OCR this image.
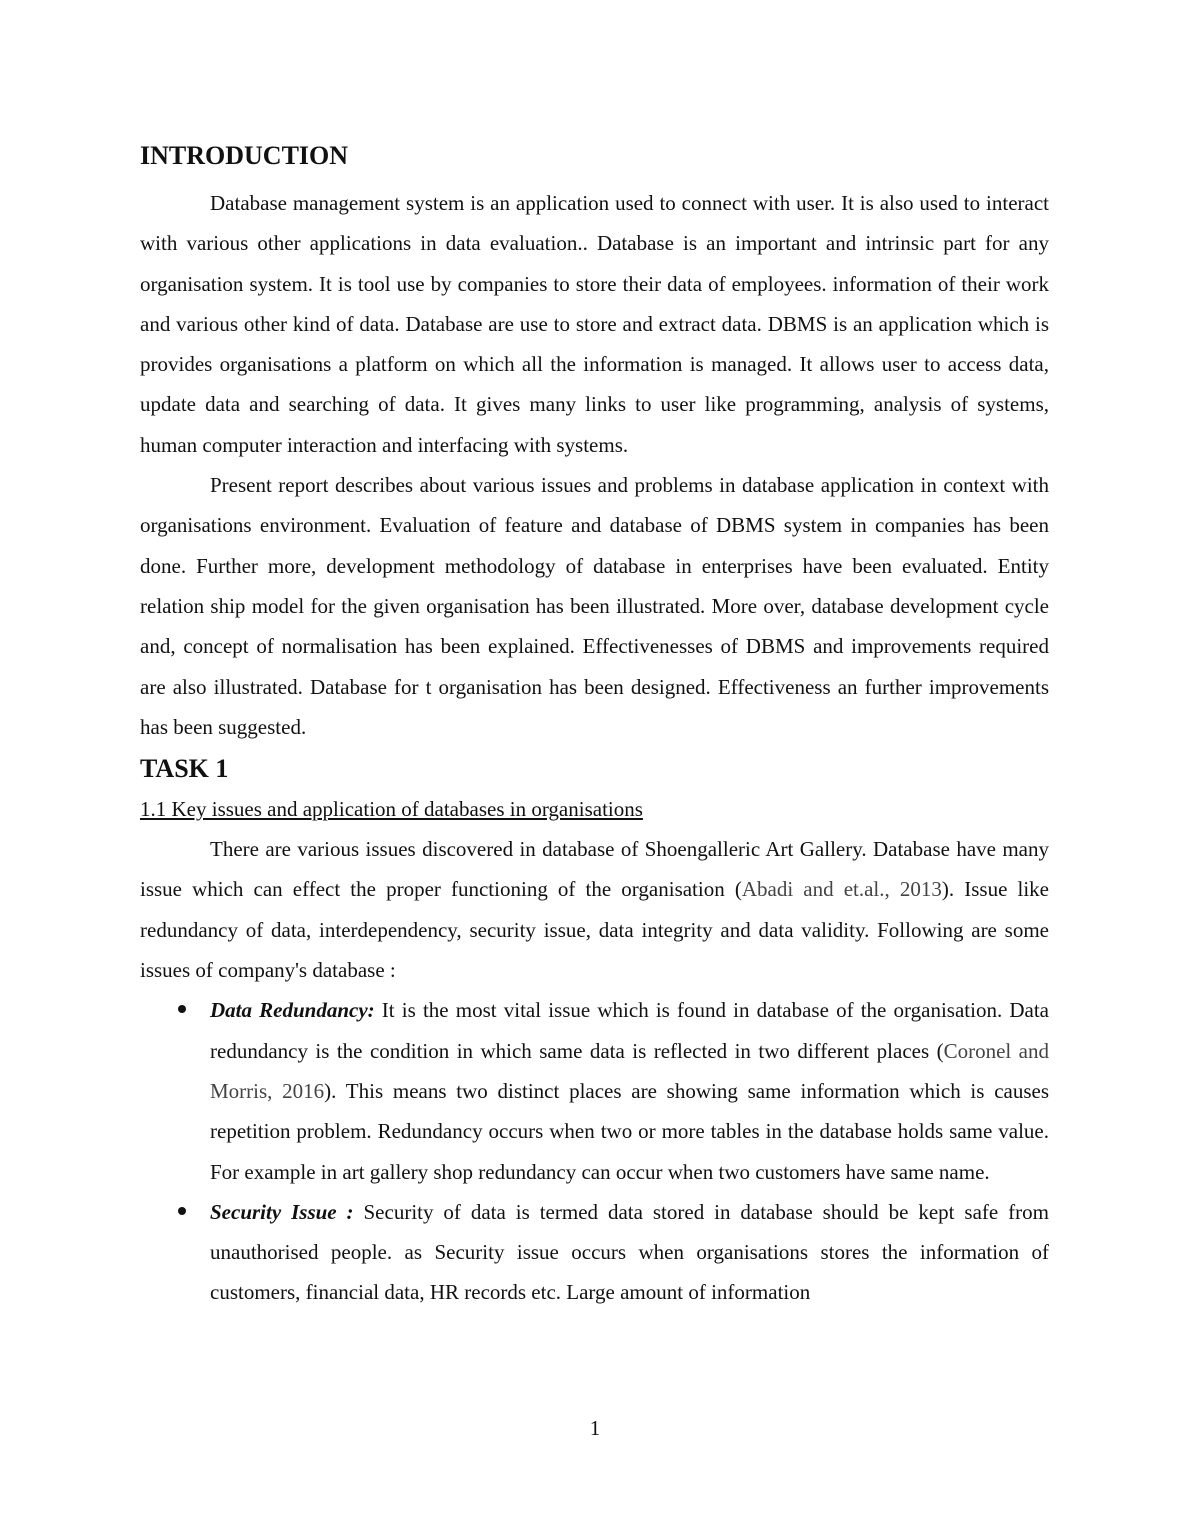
INTRODUCTION

Database management system is an application used to connect with user. It is also used to interact with various other applications in data evaluation.. Database is an important and intrinsic part for any organisation system. It is tool use by companies to store their data of employees. information of their work and various other kind of data. Database are use to store and extract data. DBMS is an application which is provides organisations a platform on which all the information is managed. It allows user to access data, update data and searching of data. It gives many links to user like programming, analysis of systems, human computer interaction and interfacing with systems.

Present report describes about various issues and problems in database application in context with organisations environment. Evaluation of feature and database of DBMS system in companies has been done. Further more, development methodology of database in enterprises have been evaluated. Entity relation ship model for the given organisation has been illustrated. More over, database development cycle and, concept of normalisation has been explained. Effectivenesses of DBMS and improvements required are also illustrated. Database for t organisation has been designed. Effectiveness an further improvements has been suggested.

TASK 1
1.1 Key issues and application of databases in organisations

There are various issues discovered in database of Shoengalleric Art Gallery. Database have many issue which can effect the proper functioning of the organisation (Abadi and et.al., 2013). Issue like redundancy of data, interdependency, security issue, data integrity and data validity. Following are some issues of company's database :

Data Redundancy: It is the most vital issue which is found in database of the organisation. Data redundancy is the condition in which same data is reflected in two different places (Coronel and Morris, 2016). This means two distinct places are showing same information which is causes repetition problem. Redundancy occurs when two or more tables in the database holds same value. For example in art gallery shop redundancy can occur when two customers have same name.

Security Issue : Security of data is termed data stored in database should be kept safe from unauthorised people. as Security issue occurs when organisations stores the information of customers, financial data, HR records etc. Large amount of information

1
